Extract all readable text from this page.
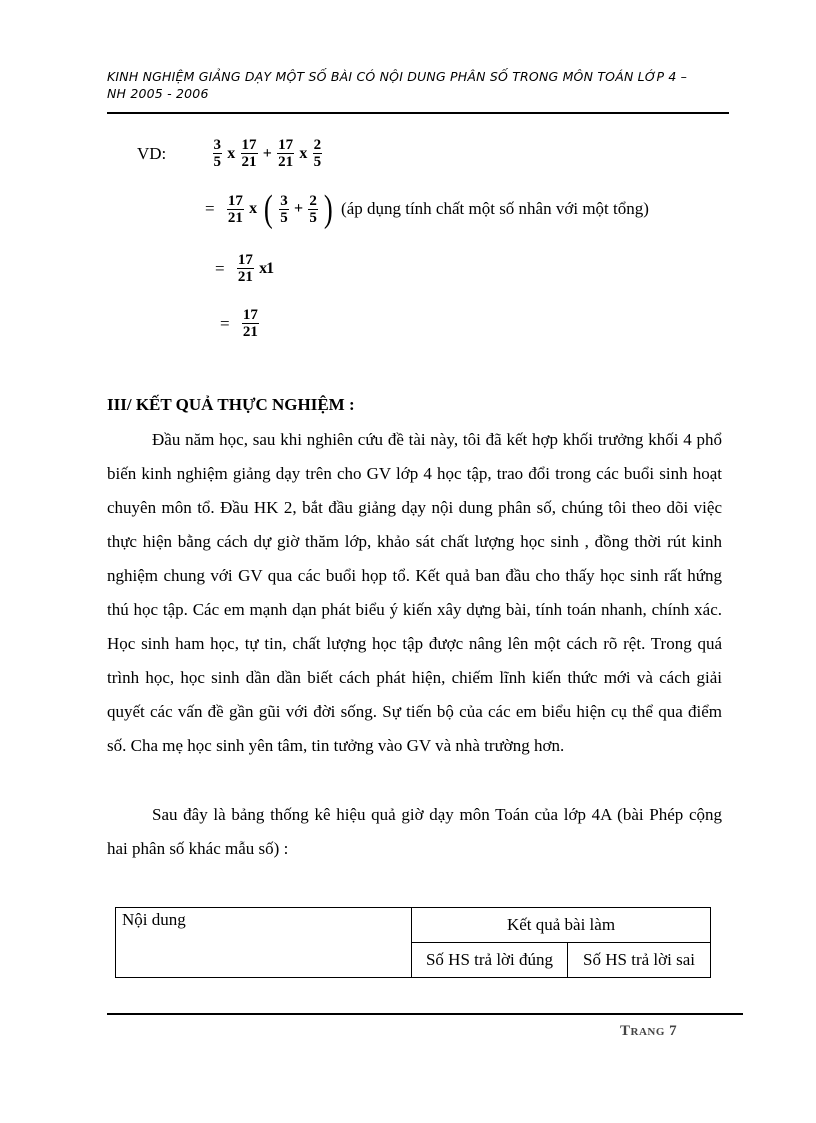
KINH NGHIỆM GIẢNG DẠY MỘT SỐ BÀI CÓ NỘI DUNG PHÂN SỐ TRONG MÔN TOÁN LỚP 4 –
NH 2005 - 2006
VD:	$\frac{3}{5}$ x $\frac{17}{21} + \frac{17}{21}$ x $\frac{2}{5}$
= $\frac{17}{21}$ x ( $\frac{3}{5} + \frac{2}{5}$ ) (áp dụng tính chất một số nhân với một tổng)
= $\frac{17}{21} x1$
= $\frac{17}{21}$
III/ KẾT QUẢ THỰC NGHIỆM :
Đầu năm học, sau khi nghiên cứu đề tài này, tôi đã kết hợp khối trưởng khối 4 phổ biến kinh nghiệm giảng dạy trên cho GV lớp 4 học tập, trao đổi trong các buổi sinh hoạt chuyên môn tổ. Đầu HK 2, bắt đầu giảng dạy nội dung phân số, chúng tôi theo dõi việc thực hiện bằng cách dự giờ thăm lớp, khảo sát chất lượng học sinh , đồng thời rút kinh nghiệm chung với GV qua các buổi họp tổ. Kết quả ban đầu cho thấy học sinh rất hứng thú học tập. Các em mạnh dạn phát biểu ý kiến xây dựng bài, tính toán nhanh, chính xác. Học sinh ham học, tự tin, chất lượng học tập được nâng lên một cách rõ rệt. Trong quá trình học, học sinh dần dần biết cách phát hiện, chiếm lĩnh kiến thức mới và cách giải quyết các vấn đề gần gũi với đời sống. Sự tiến bộ của các em biểu hiện cụ thể qua điểm số. Cha mẹ học sinh yên tâm, tin tưởng vào GV và nhà trường hơn.
Sau đây là bảng thống kê hiệu quả giờ dạy môn Toán của lớp 4A (bài Phép cộng hai phân số khác mẫu số) :
Nội dung	Kết quả bài làm	
	Số HS trả lời đúng	Số HS trả lời sai
Trang 7
